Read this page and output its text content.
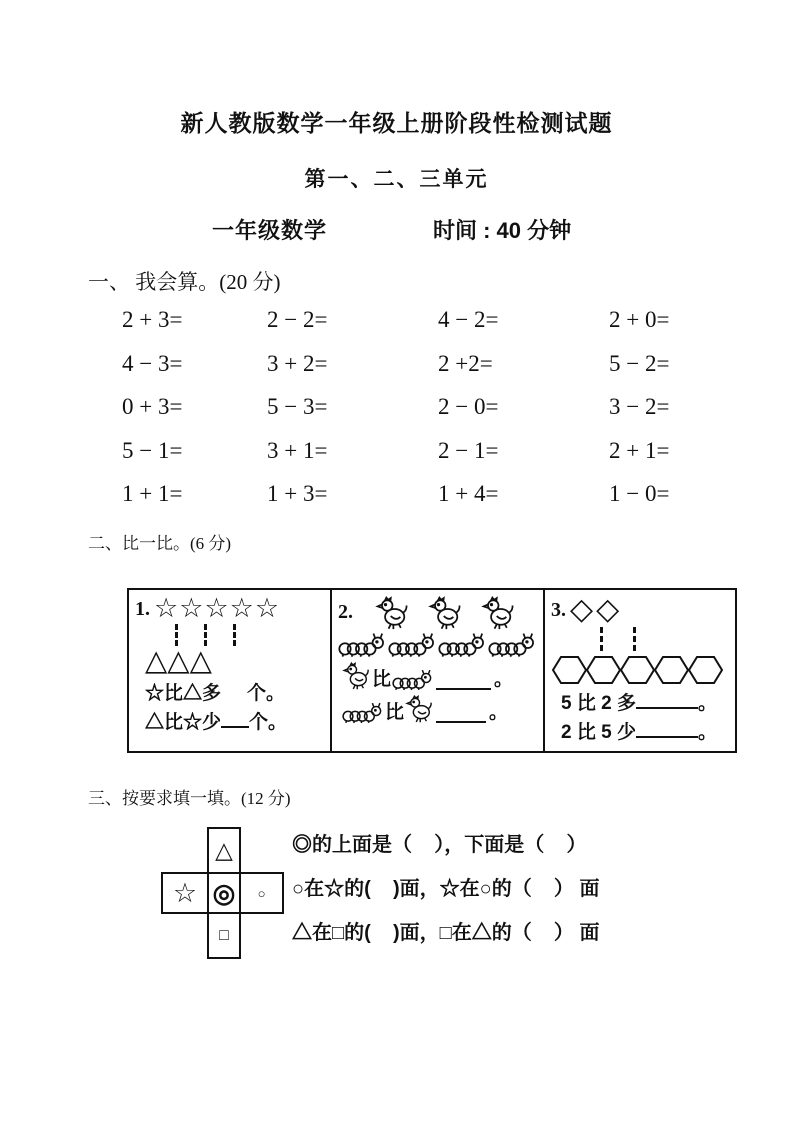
新人教版数学一年级上册阶段性检测试题
第一、二、三单元
一年级数学	时间 : 40 分钟
一、 我会算。(20 分)
2 + 3=	2 − 2=	4 − 2=	2 + 0=
4 − 3=	3 + 2=	2 +2=	5 − 2=
0 + 3=	5 − 3=	2 − 0=	3 − 2=
5 − 1=	3 + 1=	2 − 1=	2 + 1=
1 + 1=	1 + 3=	1 + 4=	1 − 0=
二、比一比。(6 分)
1. ☆☆☆☆☆
△△△
☆比△多 个。
△比☆少 个。
2.
比	。
比	。
3. ◇◇
5 比 2 多	。
2 比 5 少	。
三、按要求填一填。(12 分)
△
☆ ◎ ○
□
◎的上面是（    ），下面是（    ）
○在☆的(    )面，☆在○的（    ） 面
△在□的(    )面，□在△的（    ） 面
